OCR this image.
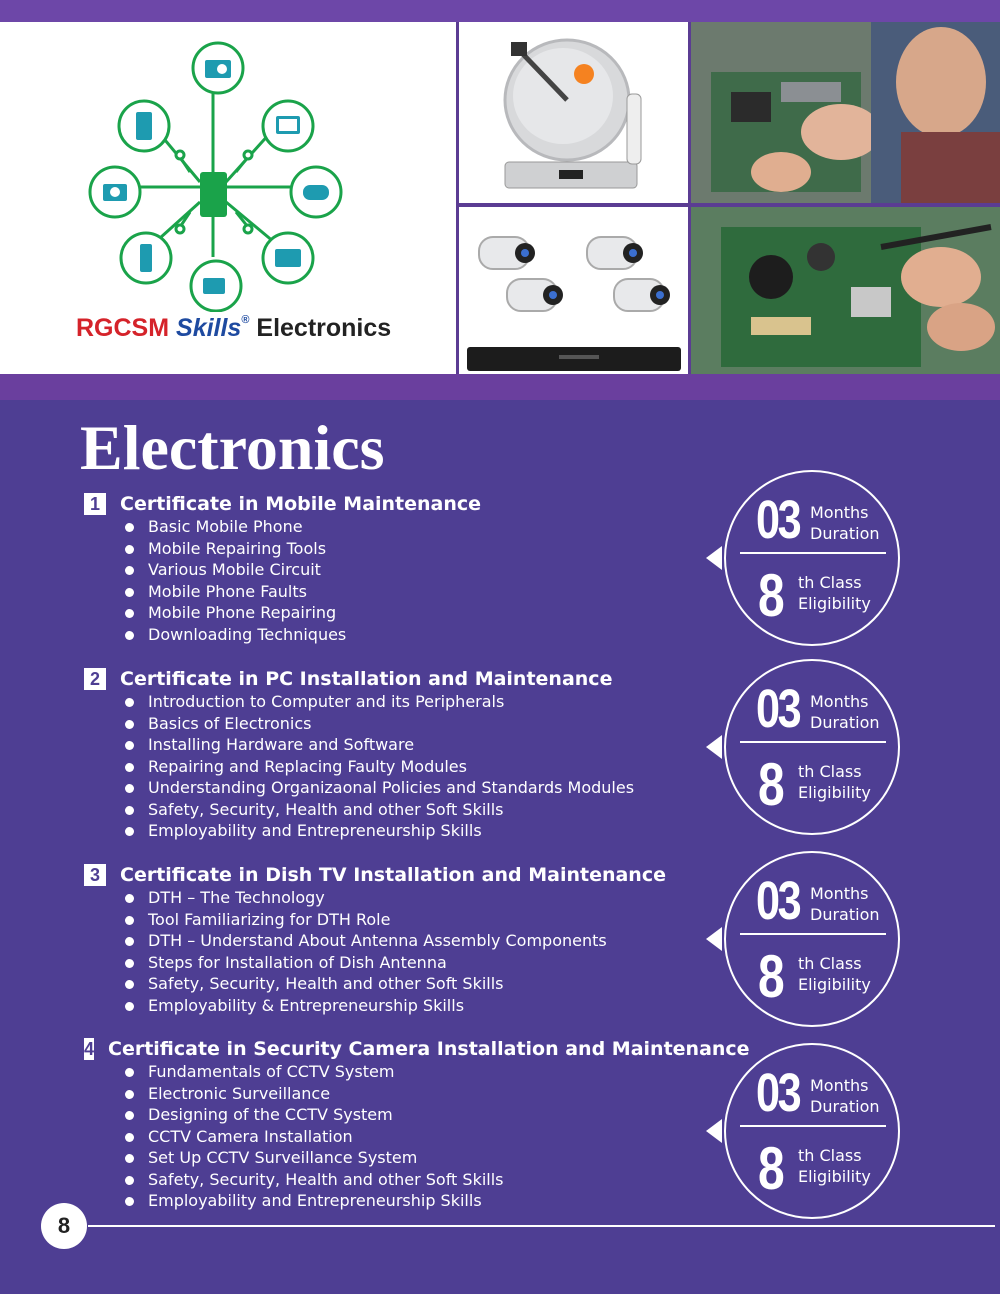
RGCSM Skills® Electronics
Electronics
1	Certificate in Mobile Maintenance
Basic Mobile Phone
Mobile Repairing Tools
Various Mobile Circuit
Mobile Phone Faults
Mobile Phone Repairing
Downloading Techniques
03 Months
Duration
8 th Class
Eligibility
2	Certificate in PC Installation and Maintenance
Introduction to Computer and its Peripherals
Basics of Electronics
Installing Hardware and Software
Repairing and Replacing Faulty Modules
Understanding Organizaonal Policies and Standards Modules
Safety, Security, Health and other Soft Skills
Employability and Entrepreneurship Skills
03 Months
Duration
8 th Class
Eligibility
3	Certificate in Dish TV Installation and Maintenance
DTH – The Technology
Tool Familiarizing for DTH Role
DTH – Understand About Antenna Assembly Components
Steps for Installation of Dish Antenna
Safety, Security, Health and other Soft Skills
Employability & Entrepreneurship Skills
03 Months
Duration
8 th Class
Eligibility
4 Certificate in Security Camera Installation and Maintenance
Fundamentals of CCTV System
Electronic Surveillance
Designing of the CCTV System
CCTV Camera Installation
Set Up CCTV Surveillance System
Safety, Security, Health and other Soft Skills
Employability and Entrepreneurship Skills
03 Months
Duration
8 th Class
Eligibility
8
